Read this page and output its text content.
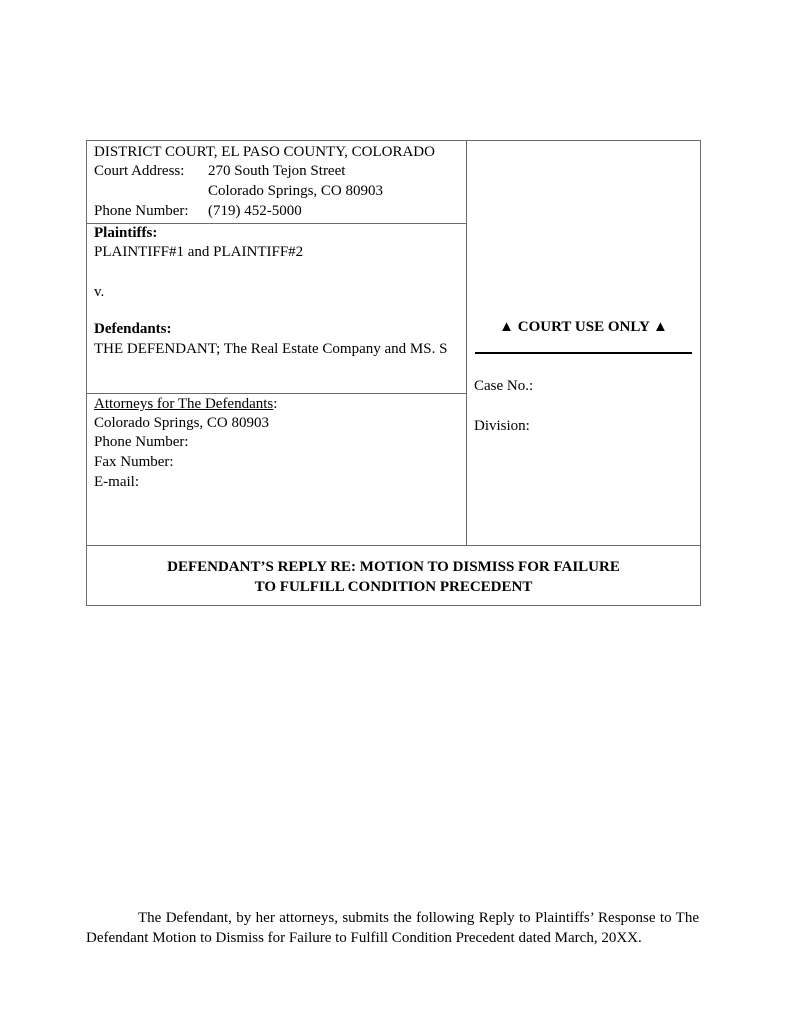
DISTRICT COURT, EL PASO COUNTY, COLORADO
Court Address: 270 South Tejon Street
Colorado Springs, CO 80903
Phone Number: (719) 452-5000
Plaintiffs:
PLAINTIFF#1 and PLAINTIFF#2
v.
Defendants:
THE DEFENDANT; The Real Estate Company and MS. S
Attorneys for The Defendants:
Colorado Springs, CO 80903
Phone Number:
Fax Number:
E-mail:
▲ COURT USE ONLY ▲
Case No.:
Division:
DEFENDANT’S REPLY RE: MOTION TO DISMISS FOR FAILURE
TO FULFILL CONDITION PRECEDENT
The Defendant, by her attorneys, submits the following Reply to Plaintiffs’ Response to The Defendant Motion to Dismiss for Failure to Fulfill Condition Precedent dated March, 20XX.
